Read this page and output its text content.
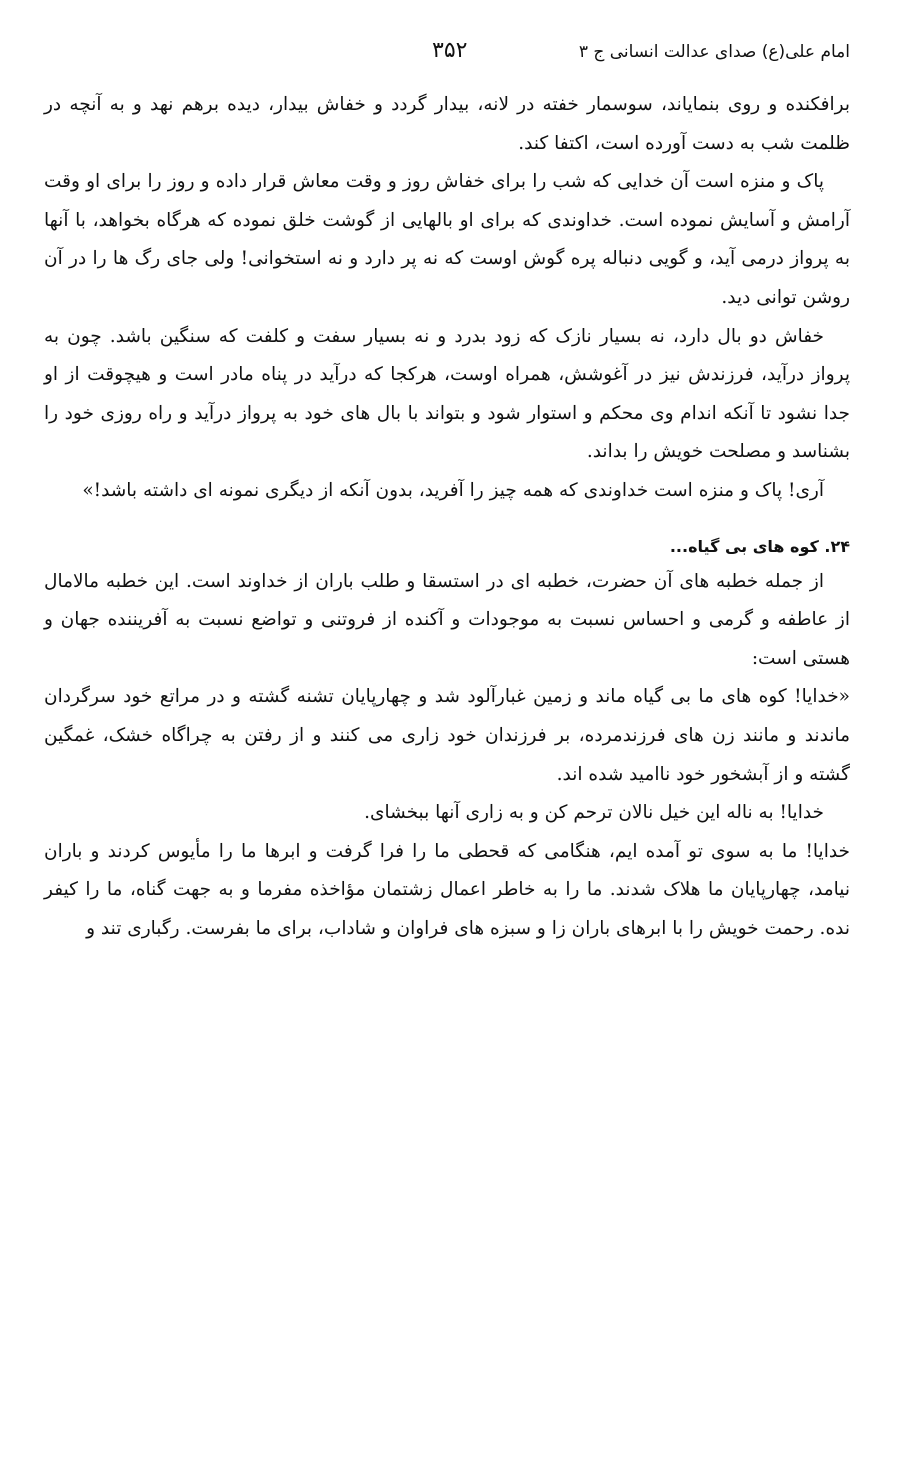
امام علی(ع) صدای عدالت انسانی ج ۳
۳۵۲

برافکنده و روی بنمایاند، سوسمار خفته در لانه، بیدار گردد و خفاش بیدار، دیده برهم نهد و به آنچه در ظلمت شب به دست آورده است، اکتفا کند.

پاک و منزه است آن خدایی که شب را برای خفاش روز و وقت معاش قرار داده و روز را برای او وقت آرامش و آسایش نموده است. خداوندی که برای او بالهایی از گوشت خلق نموده که هرگاه بخواهد، با آنها به پرواز درمی آید، و گویی دنباله پره گوش اوست که نه پر دارد و نه استخوانی! ولی جای رگ ها را در آن روشن توانی دید.

خفاش دو بال دارد، نه بسیار نازک که زود بدرد و نه بسیار سفت و کلفت که سنگین باشد. چون به پرواز درآید، فرزندش نیز در آغوشش، همراه اوست، هرکجا که درآید در پناه مادر است و هیچوقت از او جدا نشود تا آنکه اندام وی محکم و استوار شود و بتواند با بال های خود به پرواز درآید و راه روزی خود را بشناسد و مصلحت خویش را بداند.

آری! پاک و منزه است خداوندی که همه چیز را آفرید، بدون آنکه از دیگری نمونه ای داشته باشد!»

۲۴. کوه های بی گیاه...

از جمله خطبه های آن حضرت، خطبه ای در استسقا و طلب باران از خداوند است. این خطبه مالامال از عاطفه و گرمی و احساس نسبت به موجودات و آکنده از فروتنی و تواضع نسبت به آفریننده جهان و هستی است:

«خدایا! کوه های ما بی گیاه ماند و زمین غبارآلود شد و چهارپایان تشنه گشته و در مراتع خود سرگردان ماندند و مانند زن های فرزندمرده، بر فرزندان خود زاری می کنند و از رفتن به چراگاه خشک، غمگین گشته و از آبشخور خود ناامید شده اند.

خدایا! به ناله این خیل نالان ترحم کن و به زاری آنها ببخشای.

خدایا! ما به سوی تو آمده ایم، هنگامی که قحطی ما را فرا گرفت و ابرها ما را مأیوس کردند و باران نیامد، چهارپایان ما هلاک شدند. ما را به خاطر اعمال زشتمان مؤاخذه مفرما و به جهت گناه، ما را کیفر نده. رحمت خویش را با ابرهای باران زا و سبزه های فراوان و شاداب، برای ما بفرست. رگباری تند و
